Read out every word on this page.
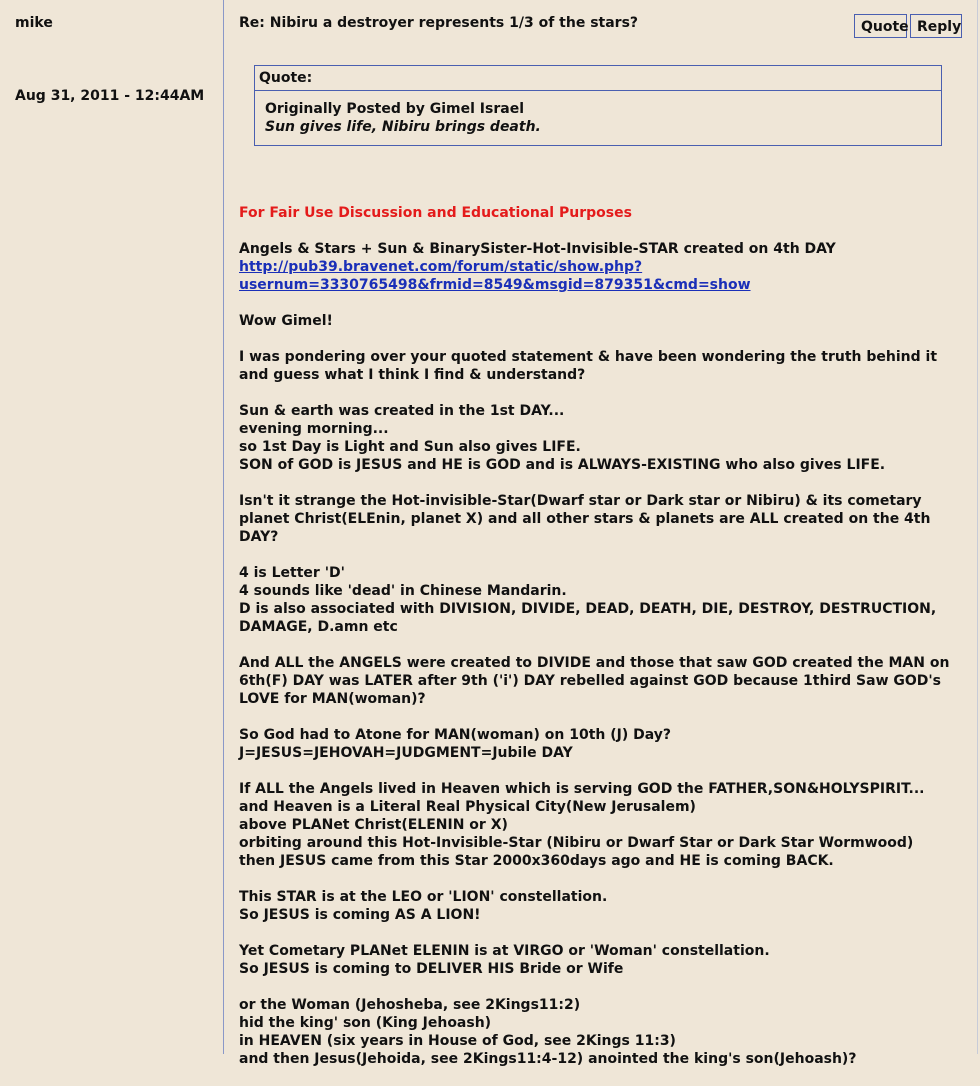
mike
Aug 31, 2011 - 12:44AM
Re: Nibiru a destroyer represents 1/3 of the stars?	Quote Reply
Quote:
Originally Posted by Gimel Israel
Sun gives life, Nibiru brings death.

For Fair Use Discussion and Educational Purposes

Angels & Stars + Sun & BinarySister-Hot-Invisible-STAR created on 4th DAY
http://pub39.bravenet.com/forum/static/show.php?
usernum=3330765498&frmid=8549&msgid=879351&cmd=show

Wow Gimel!

I was pondering over your quoted statement & have been wondering the truth behind it and guess what I think I find & understand?

Sun & earth was created in the 1st DAY...
evening morning...
so 1st Day is Light and Sun also gives LIFE.
SON of GOD is JESUS and HE is GOD and is ALWAYS-EXISTING who also gives LIFE.

Isn't it strange the Hot-invisible-Star(Dwarf star or Dark star or Nibiru) & its cometary planet Christ(ELEnin, planet X) and all other stars & planets are ALL created on the 4th DAY?

4 is Letter 'D'
4 sounds like 'dead' in Chinese Mandarin.
D is also associated with DIVISION, DIVIDE, DEAD, DEATH, DIE, DESTROY, DESTRUCTION, DAMAGE, D.amn etc

And ALL the ANGELS were created to DIVIDE and those that saw GOD created the MAN on 6th(F) DAY was LATER after 9th ('i') DAY rebelled against GOD because 1third Saw GOD's LOVE for MAN(woman)?

So God had to Atone for MAN(woman) on 10th (J) Day?
J=JESUS=JEHOVAH=JUDGMENT=Jubile DAY

If ALL the Angels lived in Heaven which is serving GOD the FATHER,SON&HOLYSPIRIT...
and Heaven is a Literal Real Physical City(New Jerusalem)
above PLANet Christ(ELENIN or X)
orbiting around this Hot-Invisible-Star (Nibiru or Dwarf Star or Dark Star Wormwood)
then JESUS came from this Star 2000x360days ago and HE is coming BACK.

This STAR is at the LEO or 'LION' constellation.
So JESUS is coming AS A LION!

Yet Cometary PLANet ELENIN is at VIRGO or 'Woman' constellation.
So JESUS is coming to DELIVER HIS Bride or Wife

or the Woman (Jehosheba, see 2Kings11:2)
hid the king' son (King Jehoash)
in HEAVEN (six years in House of God, see 2Kings 11:3)
and then Jesus(Jehoida, see 2Kings11:4-12) anointed the king's son(Jehoash)?
